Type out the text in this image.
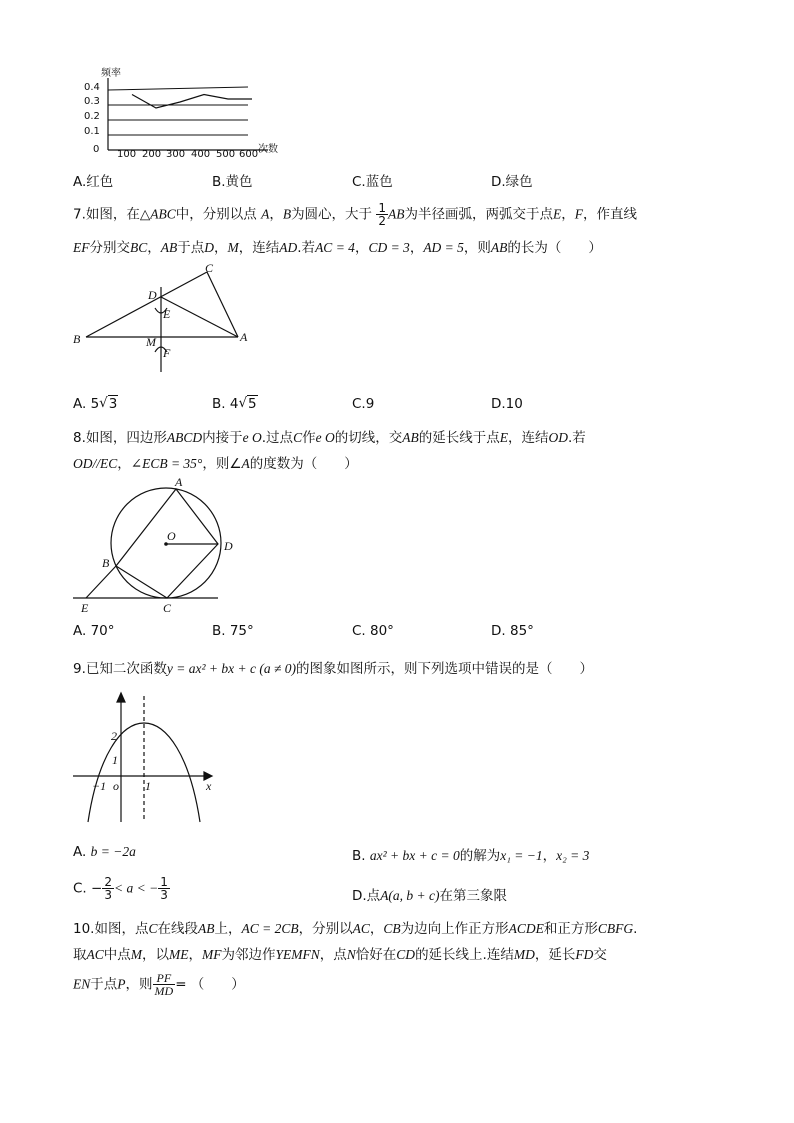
频率
次数
0.4
0.3
0.2
0.1
0 100 200 300 400 500 600
A.红色	B.黄色	C.蓝色	D.绿色
7.如图，在△ABC中，分别以点 A，B为圆心，大于 $\frac{1}{2}$ AB为半径画弧，两弧交于点E，F，作直线
EF分别交BC，AB于点D，M，连结AD.若AC = 4，CD = 3，AD = 5，则AB的长为（　　）
C
D
E
B	M	A
F
A. 5√3	B. 4√5	C.9	D.10
8.如图，四边形ABCD内接于e O.过点C作e O的切线，交AB的延长线于点E，连结OD.若
OD//EC，∠ECB = 35°，则∠A的度数为（　　）
A
O
D
B
E	C
A. 70°	B. 75°	C. 80°	D. 85°
9.已知二次函数y = ax² + bx + c (a ≠ 0)的图象如图所示，则下列选项中错误的是（　　）
2
1
−1 o 1	x
A. b = −2a	B. ax² + bx + c = 0的解为x₁ = −1，x₂ = 3
C. − $\frac{2}{3} < a$ < − $\frac{1}{3}$	D.点A(a, b + c)在第三象限
10.如图，点C在线段AB上，AC = 2CB，分别以AC，CB为边向上作正方形ACDE和正方形CBFG.
取AC中点M，以ME，MF为邻边作YEMFN，点N恰好在CD的延长线上.连结MD，延长FD交
EN于点P，则 $\frac{PF}{MD}$ = （　　）
